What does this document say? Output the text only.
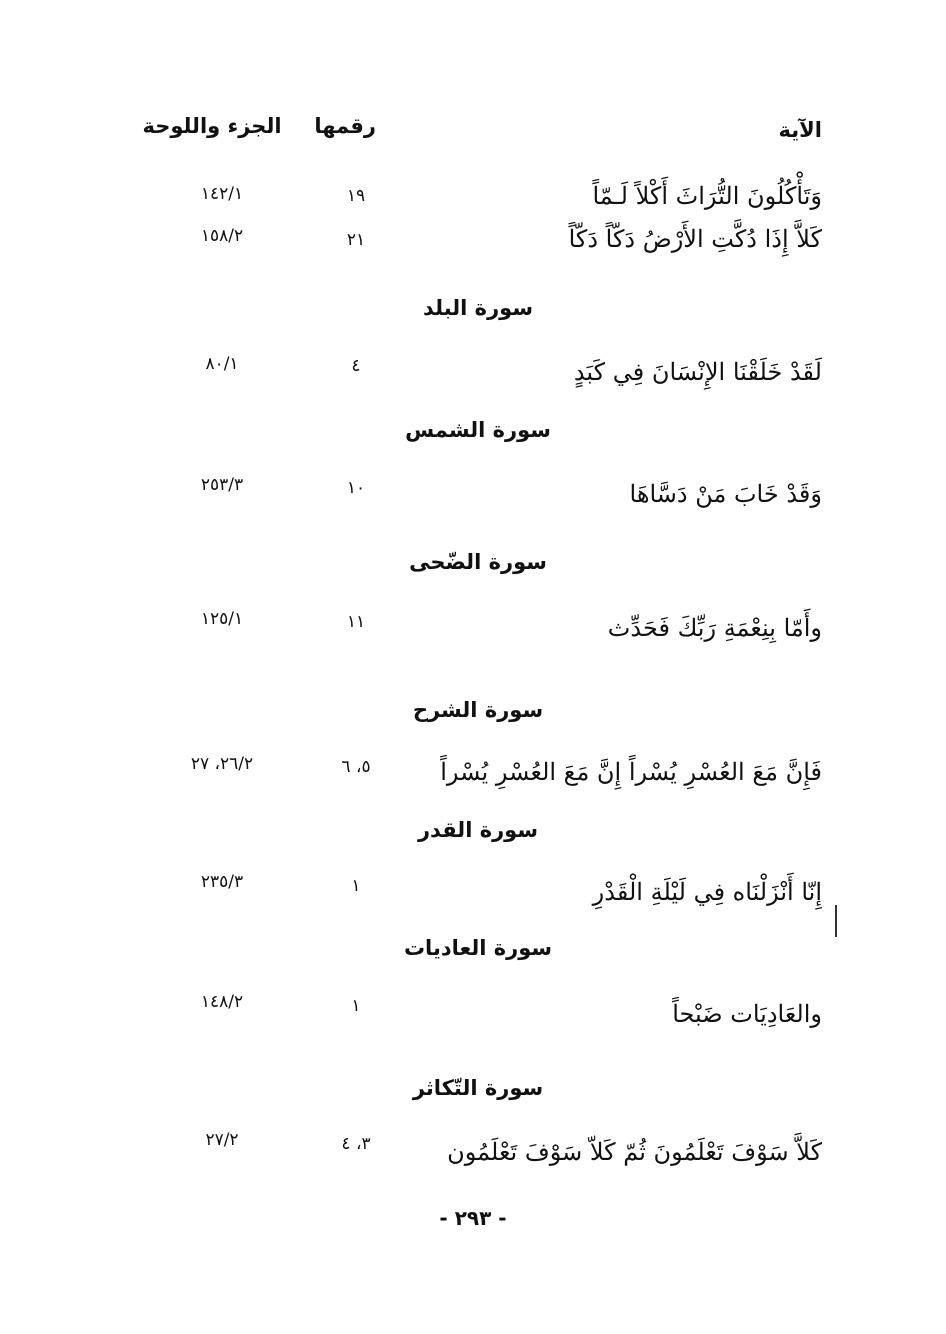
الآية
رقمها
الجزء واللوحة
وَتَأْكُلُونَ التُّرَاثَ أَكْلاً لَـمّاً
١٩
١٤٢/١
كَلاَّ إِذَا دُكَّتِ الأَرْضُ دَكّاً دَكّاً
٢١
١٥٨/٢
سورة البلد
لَقَدْ خَلَقْنَا الإِنْسَانَ فِي كَبَدٍ
٤
٨٠/١
سورة الشمس
وَقَدْ خَابَ مَنْ دَسَّاهَا
١٠
٢٥٣/٣
سورة الضّحى
وأَمّا بِنِعْمَةِ رَبِّكَ فَحَدِّث
١١
١٢٥/١
سورة الشرح
فَإِنَّ مَعَ العُسْرِ يُسْراً إِنَّ مَعَ العُسْرِ يُسْراً
٥، ٦
٢٦/٢، ٢٧
سورة القدر
إِنّا أَنْزَلْنَاه فِي لَيْلَةِ الْقَدْرِ
١
٢٣٥/٣
سورة العاديات
والعَادِيَات ضَبْحاً
١
١٤٨/٢
سورة التّكاثر
كَلاَّ سَوْفَ تَعْلَمُونَ ثُمّ كَلاّ سَوْفَ تَعْلَمُون
٣، ٤
٢٧/٢
- ٢٩٣ -
